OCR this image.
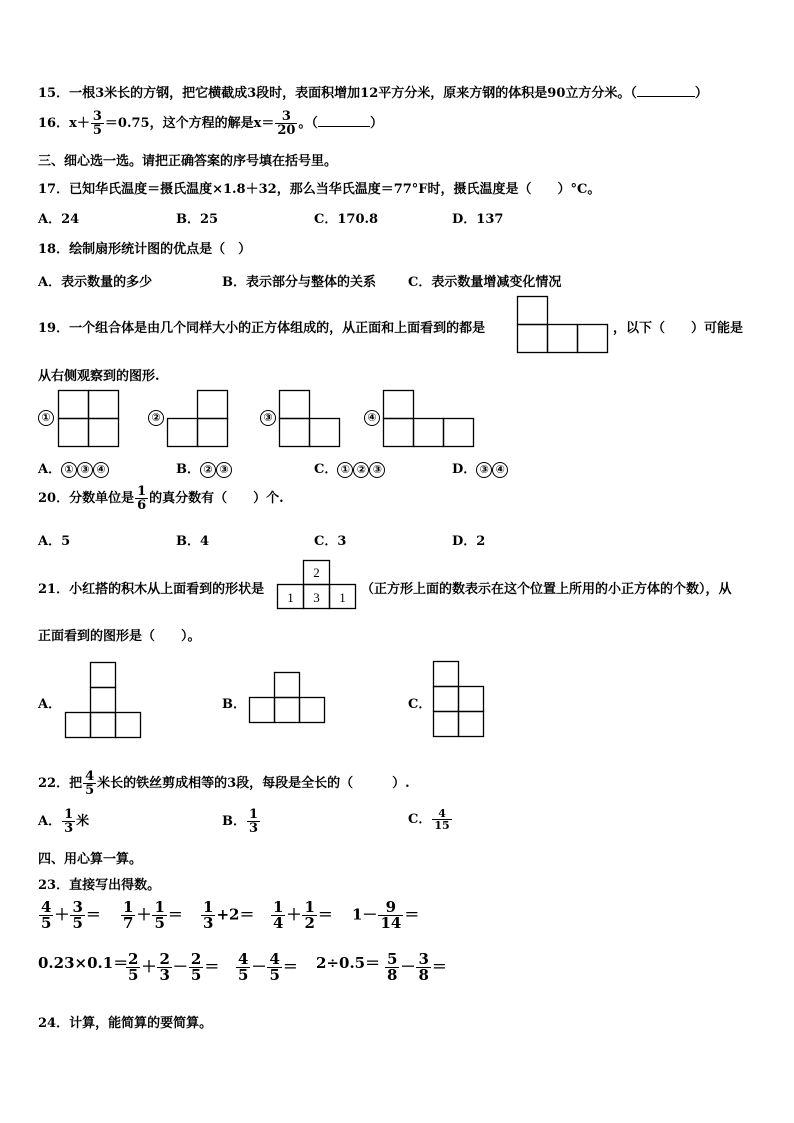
15．一根3米长的方钢，把它横截成3段时，表面积增加12平方分米，原来方钢的体积是90立方分米。（	）
16．$x+ \frac{3}{5} =0.75$，这个方程的解是$x= \frac{3}{20}$ 。（	）
三、细心选一选。请把正确答案的序号填在括号里。
17．已知华氏温度＝摄氏温度×1.8＋32，那么当华氏温度＝77°F时，摄氏温度是（　　）°C。
A．24	B．25	C．170.8	D．137
18．绘制扇形统计图的优点是（　）
A．表示数量的多少	B．表示部分与整体的关系 C．表示数量增减变化情况
19．一个组合体是由几个同样大小的正方体组成的，从正面和上面看到的都是	，以下（　　）可能是
从右侧观察到的图形.
①	②	③	④
A． ① ③ ④	B． ② ③	C． ① ② ③	D． ③ ④
20．分数单位是 $\frac{1}{6}$ 的真分数有（　　）个.
A．5	B．4	C．3	D．2
21．小红搭的积木从上面看到的形状是
2
1 3 1
（正方形上面的数表示在这个位置上所用的小正方体的个数），从
正面看到的图形是（　　）。
A．	B．	C．
22．把 $\frac{4}{5}$ 米长的铁丝剪成相等的3段，每段是全长的（　　　）.
A． $\frac{1}{3}$ 米	B． $\frac{1}{3}$	C． $\frac{4}{15}$
四、用心算一算。
23．直接写出得数。
$\frac{4}{5} + \frac{3}{5} = \frac{1}{7} + \frac{1}{5} = \frac{1}{3} +2= \frac{1}{4} + \frac{1}{2} = 1- \frac{9}{14}$ ＝
0.23×0.1＝
$\frac{2}{5} + \frac{2}{3} - \frac{2}{5} = \frac{4}{5} - \frac{4}{5} = 2\div 0.5= \frac{5}{8} - \frac{3}{8}$ ＝
24．计算，能简算的要简算。
